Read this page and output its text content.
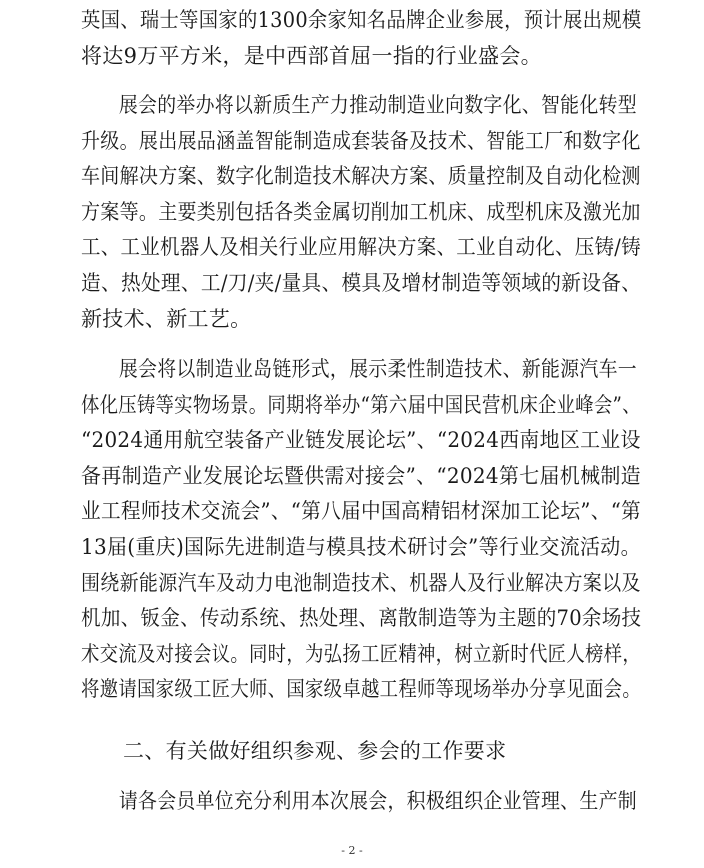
英国、瑞士等国家的1300余家知名品牌企业参展，预计展出规模
将达9万平方米，是中西部首屈一指的行业盛会。

展会的举办将以新质生产力推动制造业向数字化、智能化转型
升级。展出展品涵盖智能制造成套装备及技术、智能工厂和数字化
车间解决方案、数字化制造技术解决方案、质量控制及自动化检测
方案等。主要类别包括各类金属切削加工机床、成型机床及激光加
工、工业机器人及相关行业应用解决方案、工业自动化、压铸/铸
造、热处理、工/刀/夹/量具、模具及增材制造等领域的新设备、
新技术、新工艺。

展会将以制造业岛链形式，展示柔性制造技术、新能源汽车一
体化压铸等实物场景。同期将举办“第六届中国民营机床企业峰会”、
“2024通用航空装备产业链发展论坛”、“2024西南地区工业设
备再制造产业发展论坛暨供需对接会”、“2024第七届机械制造
业工程师技术交流会”、“第八届中国高精铝材深加工论坛”、“第
13届(重庆)国际先进制造与模具技术研讨会”等行业交流活动。
围绕新能源汽车及动力电池制造技术、机器人及行业解决方案以及
机加、钣金、传动系统、热处理、离散制造等为主题的70余场技
术交流及对接会议。同时，为弘扬工匠精神，树立新时代匠人榜样，
将邀请国家级工匠大师、国家级卓越工程师等现场举办分享见面会。

二、有关做好组织参观、参会的工作要求

请各会员单位充分利用本次展会，积极组织企业管理、生产制

- 2 -
